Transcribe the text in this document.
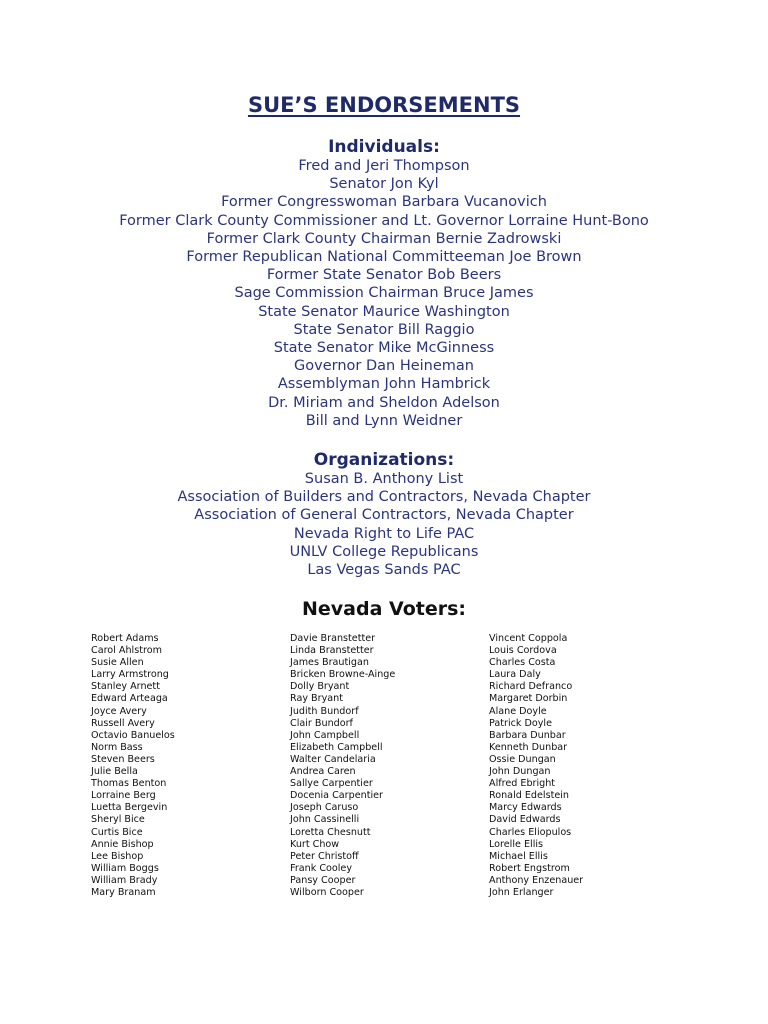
SUE’S ENDORSEMENTS
Individuals:
Fred and Jeri Thompson
Senator Jon Kyl
Former Congresswoman Barbara Vucanovich
Former Clark County Commissioner and Lt. Governor Lorraine Hunt-Bono
Former Clark County Chairman Bernie Zadrowski
Former Republican National Committeeman Joe Brown
Former State Senator Bob Beers
Sage Commission Chairman Bruce James
State Senator Maurice Washington
State Senator Bill Raggio
State Senator Mike McGinness
Governor Dan Heineman
Assemblyman John Hambrick
Dr. Miriam and Sheldon Adelson
Bill and Lynn Weidner
Organizations:
Susan B. Anthony List
Association of Builders and Contractors, Nevada Chapter
Association of General Contractors, Nevada Chapter
Nevada Right to Life PAC
UNLV College Republicans
Las Vegas Sands PAC
Nevada Voters:
Robert Adams
Carol Ahlstrom
Susie Allen
Larry Armstrong
Stanley Arnett
Edward Arteaga
Joyce Avery
Russell Avery
Octavio Banuelos
Norm Bass
Steven Beers
Julie Bella
Thomas Benton
Lorraine Berg
Luetta Bergevin
Sheryl Bice
Curtis Bice
Annie Bishop
Lee Bishop
William Boggs
William Brady
Mary Branam
Davie Branstetter
Linda Branstetter
James Brautigan
Bricken Browne-Ainge
Dolly Bryant
Ray Bryant
Judith Bundorf
Clair Bundorf
John Campbell
Elizabeth Campbell
Walter Candelaria
Andrea Caren
Sallye Carpentier
Docenia Carpentier
Joseph Caruso
John Cassinelli
Loretta Chesnutt
Kurt Chow
Peter Christoff
Frank Cooley
Pansy Cooper
Wilborn Cooper
Vincent Coppola
Louis Cordova
Charles Costa
Laura Daly
Richard Defranco
Margaret Dorbin
Alane Doyle
Patrick Doyle
Barbara Dunbar
Kenneth Dunbar
Ossie Dungan
John Dungan
Alfred Ebright
Ronald Edelstein
Marcy Edwards
David Edwards
Charles Eliopulos
Lorelle Ellis
Michael Ellis
Robert Engstrom
Anthony Enzenauer
John Erlanger
